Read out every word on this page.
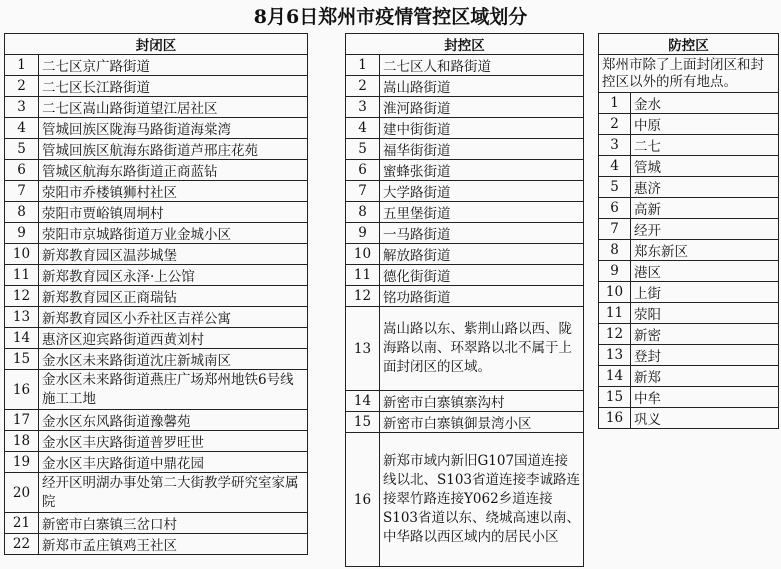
8月6日郑州市疫情管控区域划分
封闭区	
1	二七区京广路街道
2	二七区长江路街道
3	二七区嵩山路街道望江居社区
4	管城回族区陇海马路街道海棠湾
5	管城回族区航海东路街道芦邢庄花苑
6	管城区航海东路街道正商蓝钻
7	荥阳市乔楼镇狮村社区
8	荥阳市贾峪镇周垌村
9	荥阳市京城路街道万业金城小区
10	新郑教育园区温莎城堡
11	新郑教育园区永泽·上公馆
12	新郑教育园区正商瑞钻
13	新郑教育园区小乔社区吉祥公寓
14	惠济区迎宾路街道西黄刘村
15	金水区未来路街道沈庄新城南区
16	金水区未来路街道燕庄广场郑州地铁6号线施工工地
17	金水区东风路街道豫馨苑
18	金水区丰庆路街道普罗旺世
19	金水区丰庆路街道中鼎花园
20	经开区明湖办事处第二大街教学研究室家属院
21	新密市白寨镇三岔口村
22	新郑市孟庄镇鸡王社区
封控区	
1	二七区人和路街道
2	嵩山路街道
3	淮河路街道
4	建中街街道
5	福华街街道
6	蜜蜂张街道
7	大学路街道
8	五里堡街道
9	一马路街道
10	解放路街道
11	德化街街道
12	铭功路街道
13	嵩山路以东、紫荆山路以西、陇海路以南、环翠路以北不属于上面封闭区的区域。
14	新密市白寨镇寨沟村
15	新密市白寨镇御景湾小区
16	新郑市域内新旧G107国道连接线以北、S103省道连接李诚路连接翠竹路连接Y062乡道连接S103省道以东、绕城高速以南、中华路以西区域内的居民小区
防控区	
郑州市除了上面封闭区和封控区以外的所有地点。	
1	金水
2	中原
3	二七
4	管城
5	惠济
6	高新
7	经开
8	郑东新区
9	港区
10	上街
11	荥阳
12	新密
13	登封
14	新郑
15	中牟
16	巩义
